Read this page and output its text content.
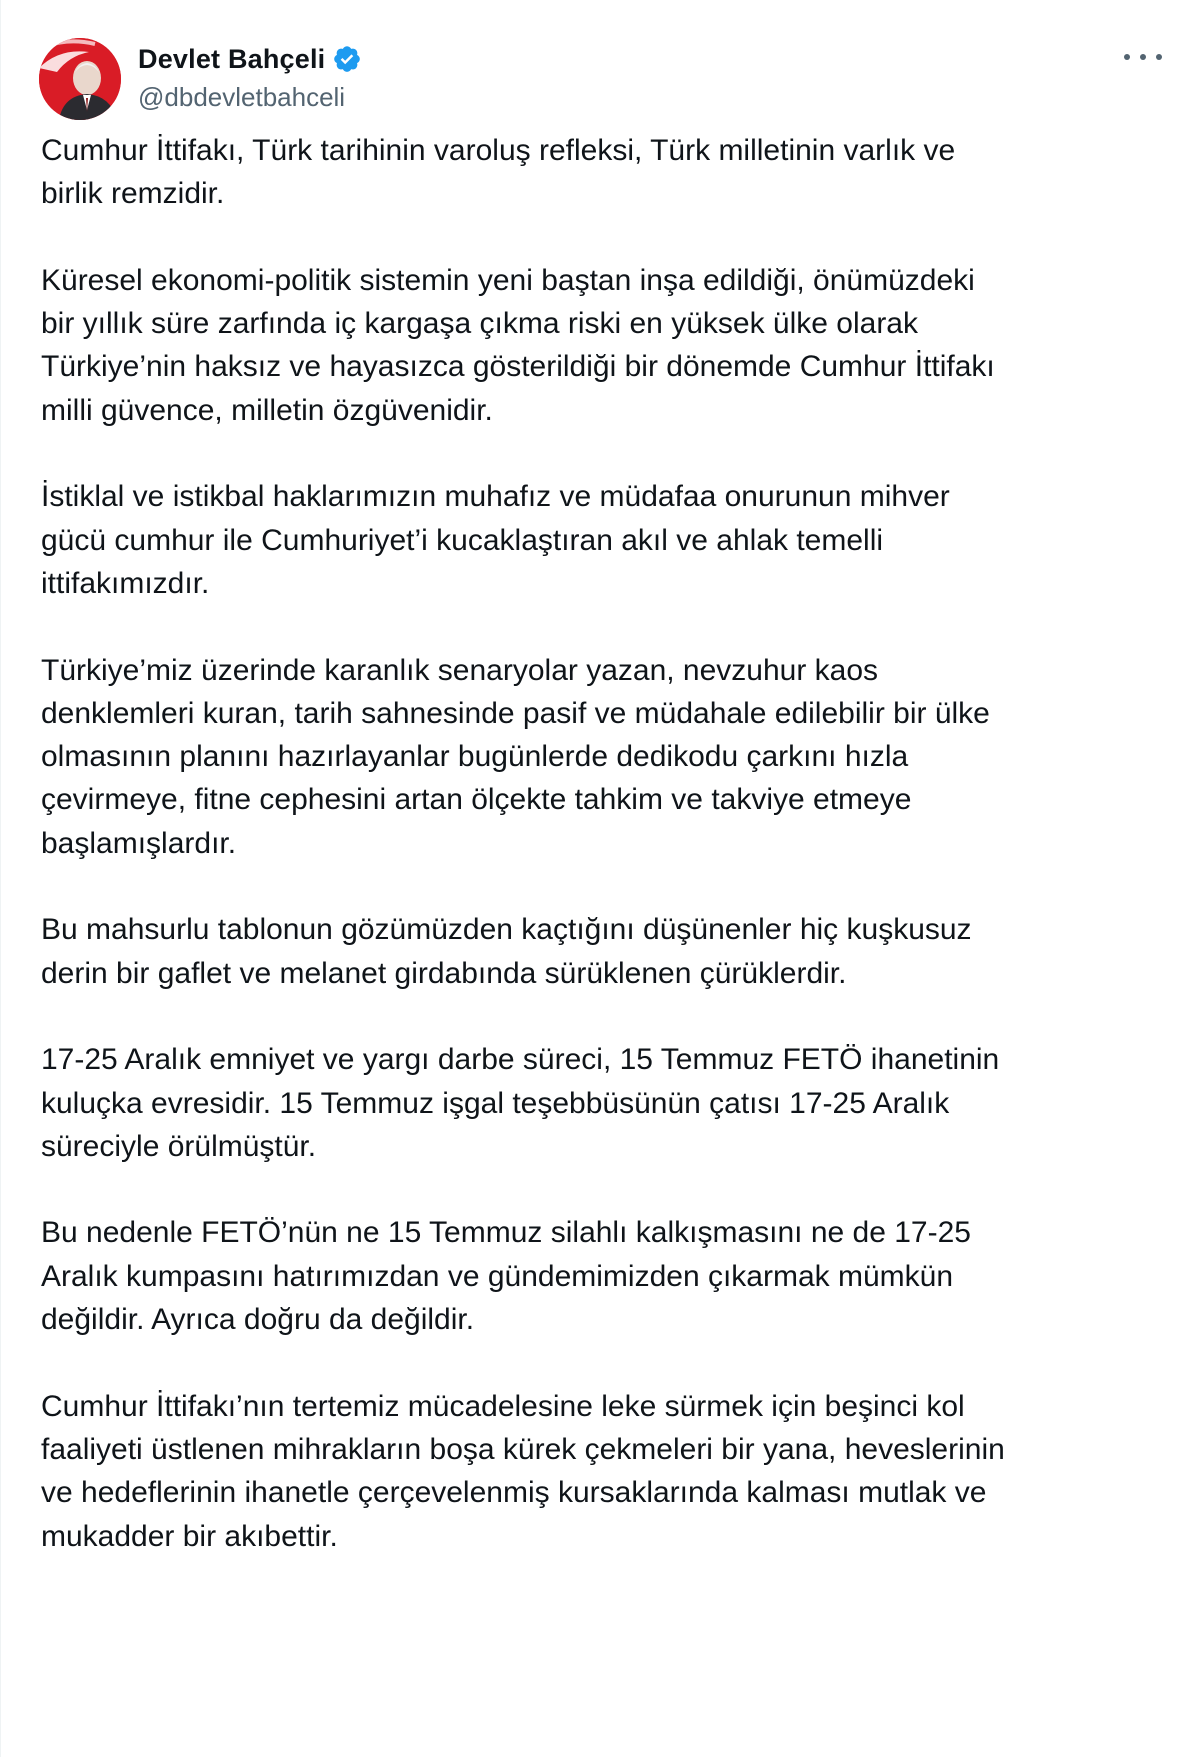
Devlet Bahçeli
@dbdevletbahceli

Cumhur İttifakı, Türk tarihinin varoluş refleksi, Türk milletinin varlık ve
birlik remzidir.

Küresel ekonomi-politik sistemin yeni baştan inşa edildiği, önümüzdeki
bir yıllık süre zarfında iç kargaşa çıkma riski en yüksek ülke olarak
Türkiye’nin haksız ve hayasızca gösterildiği bir dönemde Cumhur İttifakı
milli güvence, milletin özgüvenidir.

İstiklal ve istikbal haklarımızın muhafız ve müdafaa onurunun mihver
gücü cumhur ile Cumhuriyet’i kucaklaştıran akıl ve ahlak temelli
ittifakımızdır.

Türkiye’miz üzerinde karanlık senaryolar yazan, nevzuhur kaos
denklemleri kuran, tarih sahnesinde pasif ve müdahale edilebilir bir ülke
olmasının planını hazırlayanlar bugünlerde dedikodu çarkını hızla
çevirmeye, fitne cephesini artan ölçekte tahkim ve takviye etmeye
başlamışlardır.

Bu mahsurlu tablonun gözümüzden kaçtığını düşünenler hiç kuşkusuz
derin bir gaflet ve melanet girdabında sürüklenen çürüklerdir.

17-25 Aralık emniyet ve yargı darbe süreci, 15 Temmuz FETÖ ihanetinin
kuluçka evresidir. 15 Temmuz işgal teşebbüsünün çatısı 17-25 Aralık
süreciyle örülmüştür.

Bu nedenle FETÖ’nün ne 15 Temmuz silahlı kalkışmasını ne de 17-25
Aralık kumpasını hatırımızdan ve gündemimizden çıkarmak mümkün
değildir. Ayrıca doğru da değildir.

Cumhur İttifakı’nın tertemiz mücadelesine leke sürmek için beşinci kol
faaliyeti üstlenen mihrakların boşa kürek çekmeleri bir yana, heveslerinin
ve hedeflerinin ihanetle çerçevelenmiş kursaklarında kalması mutlak ve
mukadder bir akıbettir.
